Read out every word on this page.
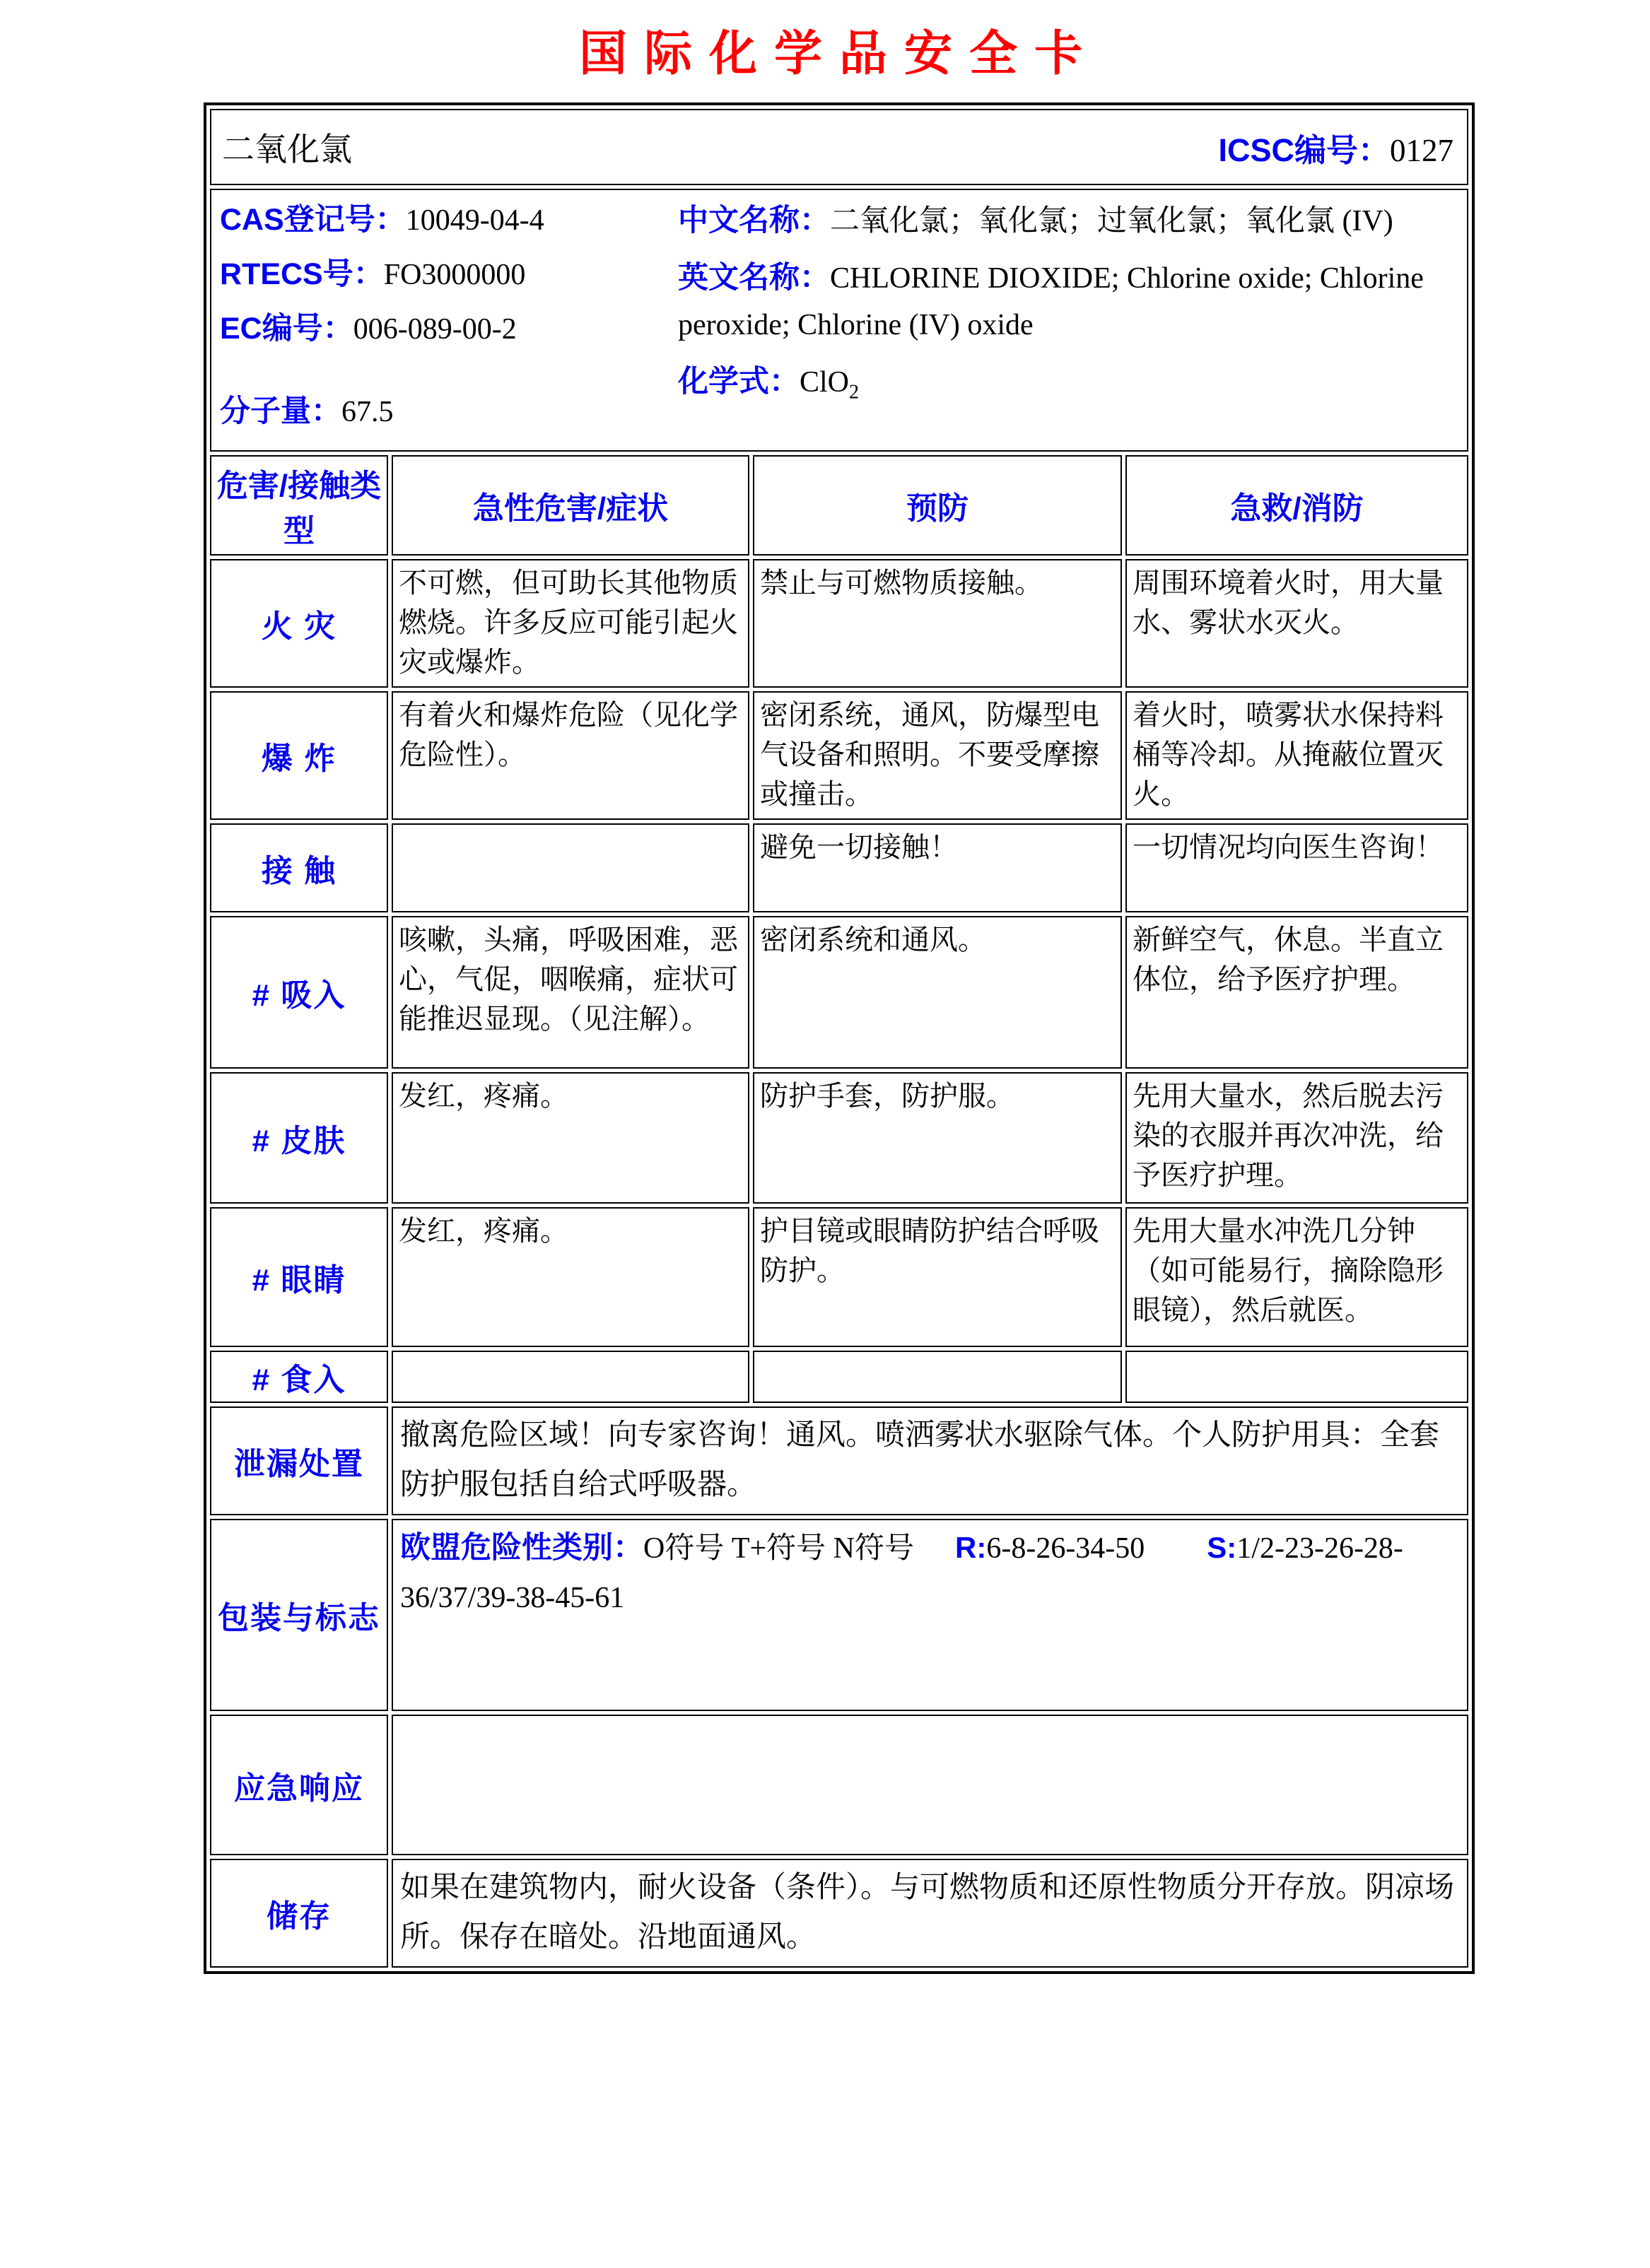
国际化学品安全卡
二氧化氯 ICSC编号：0127			

CAS登记号：10049-04-4
RTECS号：FO3000000
EC编号：006-089-00-2
分子量：67.5
中文名称：二氧化氯；氧化氯；过氧化氯；氧化氯 (IV)
英文名称：CHLORINE DIOXIDE; Chlorine oxide; Chlorine peroxide; Chlorine (IV) oxide
化学式：ClO$_2$

危害/接触类型	急性危害/症状	预防	急救/消防
火 灾	不可燃，但可助长其他物质燃烧。许多反应可能引起火灾或爆炸。	禁止与可燃物质接触。	周围环境着火时，用大量水、雾状水灭火。
爆 炸	有着火和爆炸危险（见化学危险性）。	密闭系统，通风，防爆型电气设备和照明。不要受摩擦或撞击。	着火时，喷雾状水保持料桶等冷却。从掩蔽位置灭火。
接 触		避免一切接触！	一切情况均向医生咨询！
# 吸入	咳嗽，头痛，呼吸困难，恶心，气促，咽喉痛，症状可能推迟显现。（见注解）。	密闭系统和通风。	新鲜空气，休息。半直立体位，给予医疗护理。
# 皮肤	发红，疼痛。	防护手套，防护服。	先用大量水，然后脱去污染的衣服并再次冲洗，给予医疗护理。
# 眼睛	发红，疼痛。	护目镜或眼睛防护结合呼吸防护。	先用大量水冲洗几分钟（如可能易行，摘除隐形眼镜），然后就医。
# 食入			
泄漏处置	撤离危险区域！向专家咨询！通风。喷洒雾状水驱除气体。个人防护用具：全套防护服包括自给式呼吸器。		
包装与标志	欧盟危险性类别：O符号 T+符号 N符号 R:6-8-26-34-50 S:1/2-23-26-28-36/37/39-38-45-61		
应急响应			
储存	如果在建筑物内，耐火设备（条件）。与可燃物质和还原性物质分开存放。阴凉场所。保存在暗处。沿地面通风。		
